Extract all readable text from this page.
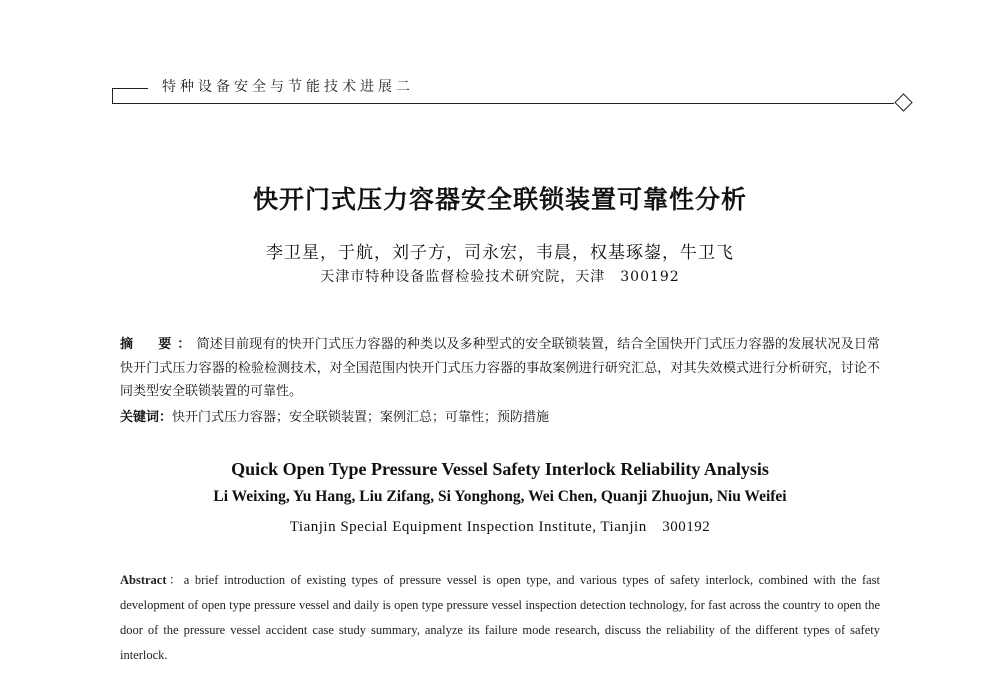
特种设备安全与节能技术进展二
快开门式压力容器安全联锁装置可靠性分析
李卫星，于航，刘子方，司永宏，韦晨，权基琢鋆，牛卫飞
天津市特种设备监督检验技术研究院，天津　300192
摘　要：简述目前现有的快开门式压力容器的种类以及多种型式的安全联锁装置，结合全国快开门式压力容器的发展状况及日常快开门式压力容器的检验检测技术，对全国范围内快开门式压力容器的事故案例进行研究汇总，对其失效模式进行分析研究，讨论不同类型安全联锁装置的可靠性。
关键词：快开门式压力容器；安全联锁装置；案例汇总；可靠性；预防措施
Quick Open Type Pressure Vessel Safety Interlock Reliability Analysis
Li Weixing, Yu Hang, Liu Zifang, Si Yonghong, Wei Chen, Quanji Zhuojun, Niu Weifei
Tianjin Special Equipment Inspection Institute, Tianjin　300192
Abstract：a brief introduction of existing types of pressure vessel is open type, and various types of safety interlock, combined with the fast development of open type pressure vessel and daily is open type pressure vessel inspection detection technology, for fast across the country to open the door of the pressure vessel accident case study summary, analyze its failure mode research, discuss the reliability of the different types of safety interlock.
